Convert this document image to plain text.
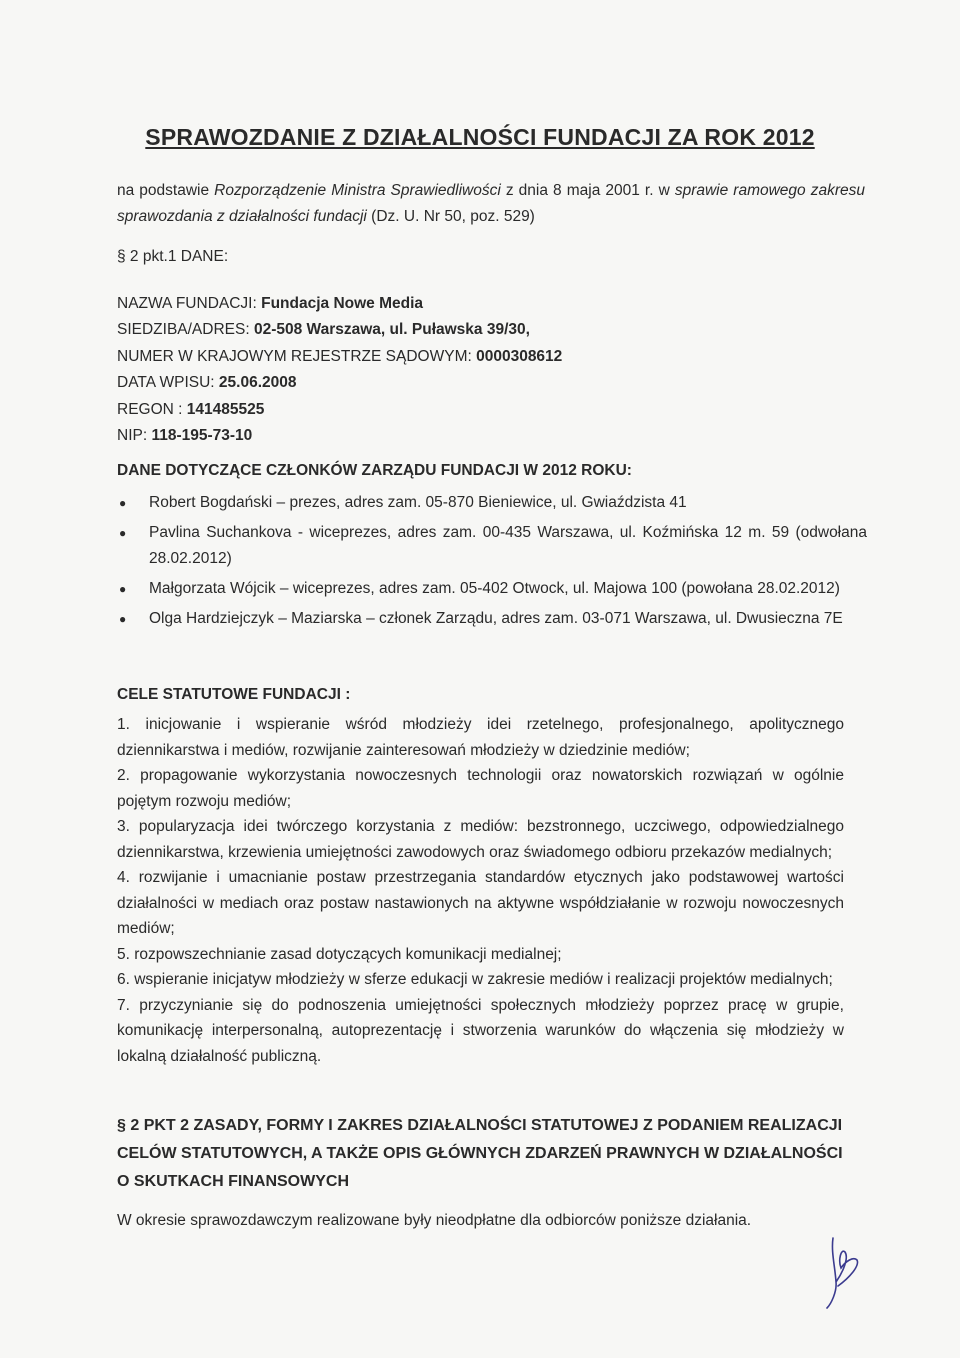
SPRAWOZDANIE Z DZIAŁALNOŚCI FUNDACJI ZA ROK 2012
na podstawie Rozporządzenie Ministra Sprawiedliwości z dnia 8 maja 2001 r. w sprawie ramowego zakresu sprawozdania z działalności fundacji (Dz. U. Nr 50, poz. 529)
§ 2 pkt.1 DANE:
NAZWA FUNDACJI: Fundacja Nowe Media
SIEDZIBA/ADRES: 02-508 Warszawa, ul. Puławska 39/30,
NUMER W KRAJOWYM REJESTRZE SĄDOWYM: 0000308612
DATA WPISU: 25.06.2008
REGON : 141485525
NIP: 118-195-73-10
DANE DOTYCZĄCE CZŁONKÓW ZARZĄDU FUNDACJI W 2012 ROKU:
●	Robert Bogdański – prezes, adres zam. 05-870 Bieniewice, ul. Gwiaździsta 41
●	Pavlina Suchankova - wiceprezes, adres zam. 00-435 Warszawa, ul. Koźmińska 12 m. 59 (odwołana 28.02.2012)
●	Małgorzata Wójcik – wiceprezes, adres zam. 05-402 Otwock, ul. Majowa 100 (powołana 28.02.2012)
●	Olga Hardziejczyk – Maziarska – członek Zarządu, adres zam. 03-071 Warszawa, ul. Dwusieczna 7E
CELE STATUTOWE FUNDACJI :

1. inicjowanie i wspieranie wśród młodzieży idei rzetelnego, profesjonalnego, apolitycznego dziennikarstwa i mediów, rozwijanie zainteresowań młodzieży w dziedzinie mediów;

2. propagowanie wykorzystania nowoczesnych technologii oraz nowatorskich rozwiązań w ogólnie pojętym rozwoju mediów;

3. popularyzacja idei twórczego korzystania z mediów: bezstronnego, uczciwego, odpowiedzialnego dziennikarstwa, krzewienia umiejętności zawodowych oraz świadomego odbioru przekazów medialnych;

4. rozwijanie i umacnianie postaw przestrzegania standardów etycznych jako podstawowej wartości działalności w mediach oraz postaw nastawionych na aktywne współdziałanie w rozwoju nowoczesnych mediów;

5. rozpowszechnianie zasad dotyczących komunikacji medialnej;

6. wspieranie inicjatyw młodzieży w sferze edukacji w zakresie mediów i realizacji projektów medialnych;

7. przyczynianie się do podnoszenia umiejętności społecznych młodzieży poprzez pracę w grupie, komunikację interpersonalną, autoprezentację i stworzenia warunków do włączenia się młodzieży w lokalną działalność publiczną.

§ 2 PKT 2 ZASADY, FORMY I ZAKRES DZIAŁALNOŚCI STATUTOWEJ Z PODANIEM REALIZACJI CELÓW STATUTOWYCH, A TAKŻE OPIS GŁÓWNYCH ZDARZEŃ PRAWNYCH W DZIAŁALNOŚCI O SKUTKACH FINANSOWYCH
W okresie sprawozdawczym realizowane były nieodpłatne dla odbiorców poniższe działania.
